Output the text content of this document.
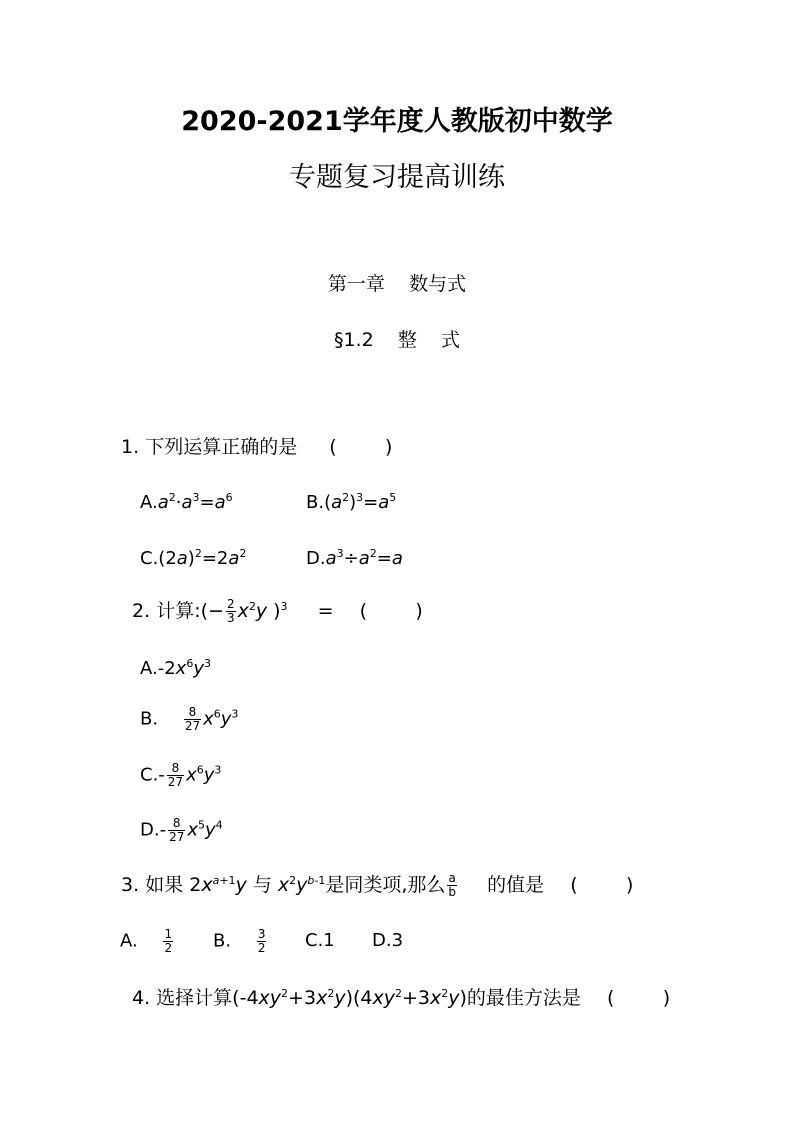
2020-2021学年度人教版初中数学
专题复习提高训练
第一章    数与式
§1.2    整    式
1. 下列运算正确的是 (        )
$A.a^2\cdot a^3=a^6$	$B.(a^2)^3=a^5$
$C.(2a)^2=2a^2$	$D.a^3\div a^2=a$
2. 计算:(− $\frac{2}{3} x^2y$ )$^3$ = (        )
$A.-2x^6y^3$
B. $\frac{8}{27} x^6y^3$
$C.- \frac{8}{27} x^6y^3$
$D.- \frac{8}{27} x^5y^4$
3. 如果 $2x^{a+1}y$ 与 $x^2y^{b-1}$是同类项,那么 $\frac{a}{b}$ 的值是 (        )
A. $\frac{1}{2} B$. $\frac{3}{2} C.1$ D.3
4. 选择计算$(-4xy^2+3x^2y)(4xy^2+3x^2y)$的最佳方法是  (        )
